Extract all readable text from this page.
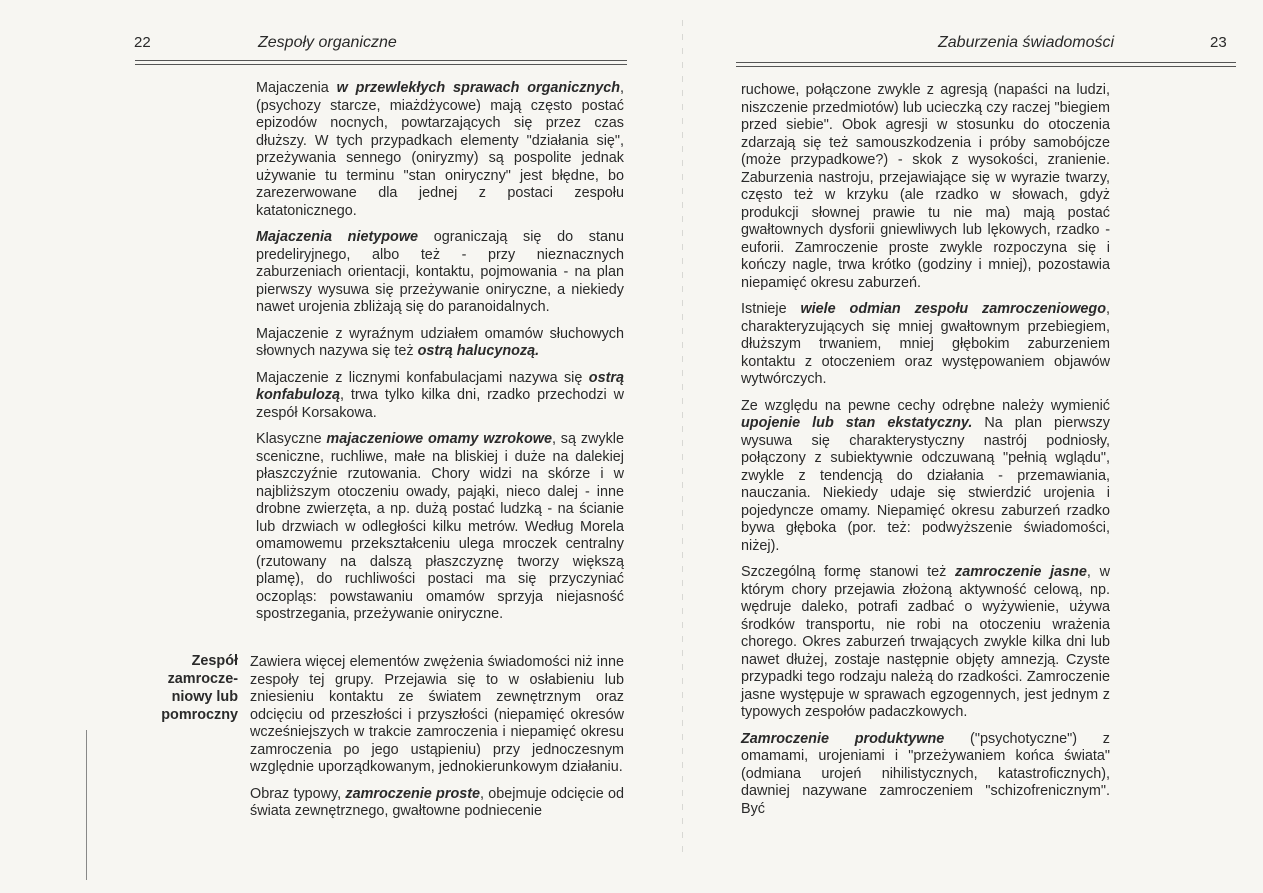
22	Zespoły organiczne

Majaczenia w przewlekłych sprawach organicznych, (psychozy starcze, miażdżycowe) mają często postać epizodów nocnych, powtarzających się przez czas dłuższy. W tych przypadkach elementy "działania się", przeżywania sennego (oniryzmy) są pospolite jednak używanie tu terminu "stan oniryczny" jest błędne, bo zarezerwowane dla jednej z postaci zespołu katatonicznego.

Majaczenia nietypowe ograniczają się do stanu predeliryjnego, albo też - przy nieznacznych zaburzeniach orientacji, kontaktu, pojmowania - na plan pierwszy wysuwa się przeżywanie oniryczne, a niekiedy nawet urojenia zbliżają się do paranoidalnych.

Majaczenie z wyraźnym udziałem omamów słuchowych słownych nazywa się też ostrą halucynozą.

Majaczenie z licznymi konfabulacjami nazywa się ostrą konfabulozą, trwa tylko kilka dni, rzadko przechodzi w zespół Korsakowa.

Klasyczne majaczeniowe omamy wzrokowe, są zwykle sceniczne, ruchliwe, małe na bliskiej i duże na dalekiej płaszczyźnie rzutowania. Chory widzi na skórze i w najbliższym otoczeniu owady, pająki, nieco dalej - inne drobne zwierzęta, a np. dużą postać ludzką - na ścianie lub drzwiach w odległości kilku metrów. Według Morela omamowemu przekształceniu ulega mroczek centralny (rzutowany na dalszą płaszczyznę tworzy większą plamę), do ruchliwości postaci ma się przyczyniać oczopląs: powstawaniu omamów sprzyja niejasność spostrzegania, przeżywanie oniryczne.

Zespół
zamrocze-
niowy lub
pomroczny

Zawiera więcej elementów zwężenia świadomości niż inne zespoły tej grupy. Przejawia się to w osłabieniu lub zniesieniu kontaktu ze światem zewnętrznym oraz odcięciu od przeszłości i przyszłości (niepamięć okresów wcześniejszych w trakcie zamroczenia i niepamięć okresu zamroczenia po jego ustąpieniu) przy jednoczesnym względnie uporządkowanym, jednokierunkowym działaniu.

Obraz typowy, zamroczenie proste, obejmuje odcięcie od świata zewnętrznego, gwałtowne podniecenie

Zaburzenia świadomości	23

ruchowe, połączone zwykle z agresją (napaści na ludzi, niszczenie przedmiotów) lub ucieczką czy raczej "biegiem przed siebie". Obok agresji w stosunku do otoczenia zdarzają się też samouszkodzenia i próby samobójcze (może przypadkowe?) - skok z wysokości, zranienie. Zaburzenia nastroju, przejawiające się w wyrazie twarzy, często też w krzyku (ale rzadko w słowach, gdyż produkcji słownej prawie tu nie ma) mają postać gwałtownych dysforii gniewliwych lub lękowych, rzadko - euforii. Zamroczenie proste zwykle rozpoczyna się i kończy nagle, trwa krótko (godziny i mniej), pozostawia niepamięć okresu zaburzeń.

Istnieje wiele odmian zespołu zamroczeniowego, charakteryzujących się mniej gwałtownym przebiegiem, dłuższym trwaniem, mniej głębokim zaburzeniem kontaktu z otoczeniem oraz występowaniem objawów wytwórczych.

Ze względu na pewne cechy odrębne należy wymienić upojenie lub stan ekstatyczny. Na plan pierwszy wysuwa się charakterystyczny nastrój podniosły, połączony z subiektywnie odczuwaną "pełnią wglądu", zwykle z tendencją do działania - przemawiania, nauczania. Niekiedy udaje się stwierdzić urojenia i pojedyncze omamy. Niepamięć okresu zaburzeń rzadko bywa głęboka (por. też: podwyższenie świadomości, niżej).

Szczególną formę stanowi też zamroczenie jasne, w którym chory przejawia złożoną aktywność celową, np. wędruje daleko, potrafi zadbać o wyżywienie, używa środków transportu, nie robi na otoczeniu wrażenia chorego. Okres zaburzeń trwających zwykle kilka dni lub nawet dłużej, zostaje następnie objęty amnezją. Czyste przypadki tego rodzaju należą do rzadkości. Zamroczenie jasne występuje w sprawach egzogennych, jest jednym z typowych zespołów padaczkowych.

Zamroczenie produktywne ("psychotyczne") z omamami, urojeniami i "przeżywaniem końca świata" (odmiana urojeń nihilistycznych, katastroficznych), dawniej nazywane zamroczeniem "schizofrenicznym". Być
